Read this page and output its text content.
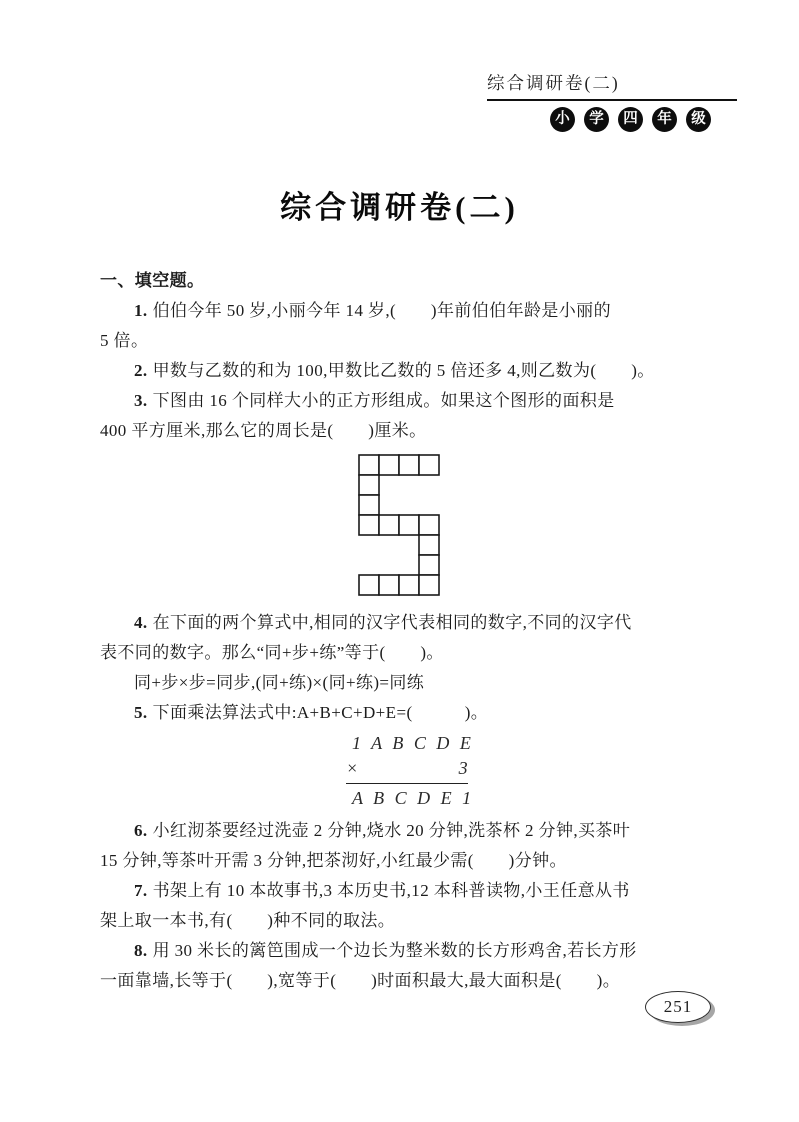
综合调研卷(二)
小	学	四	年	级
综合调研卷(二)
一、填空题。
1. 伯伯今年 50 岁,小丽今年 14 岁,(　　)年前伯伯年龄是小丽的
5 倍。
2. 甲数与乙数的和为 100,甲数比乙数的 5 倍还多 4,则乙数为(　　)。
3. 下图由 16 个同样大小的正方形组成。如果这个图形的面积是
400 平方厘米,那么它的周长是(　　)厘米。
4. 在下面的两个算式中,相同的汉字代表相同的数字,不同的汉字代
表不同的数字。那么“同+步+练”等于(　　)。
同+步×步=同步,(同+练)×(同+练)=同练
5. 下面乘法算法式中:A+B+C+D+E=(　　　)。
1 A B C D E
×	3
A B C D E 1
6. 小红沏茶要经过洗壶 2 分钟,烧水 20 分钟,洗茶杯 2 分钟,买茶叶
15 分钟,等茶叶开需 3 分钟,把茶沏好,小红最少需(　　)分钟。
7. 书架上有 10 本故事书,3 本历史书,12 本科普读物,小王任意从书
架上取一本书,有(　　)种不同的取法。
8. 用 30 米长的篱笆围成一个边长为整米数的长方形鸡舍,若长方形
一面靠墙,长等于(　　),宽等于(　　)时面积最大,最大面积是(　　)。
251
